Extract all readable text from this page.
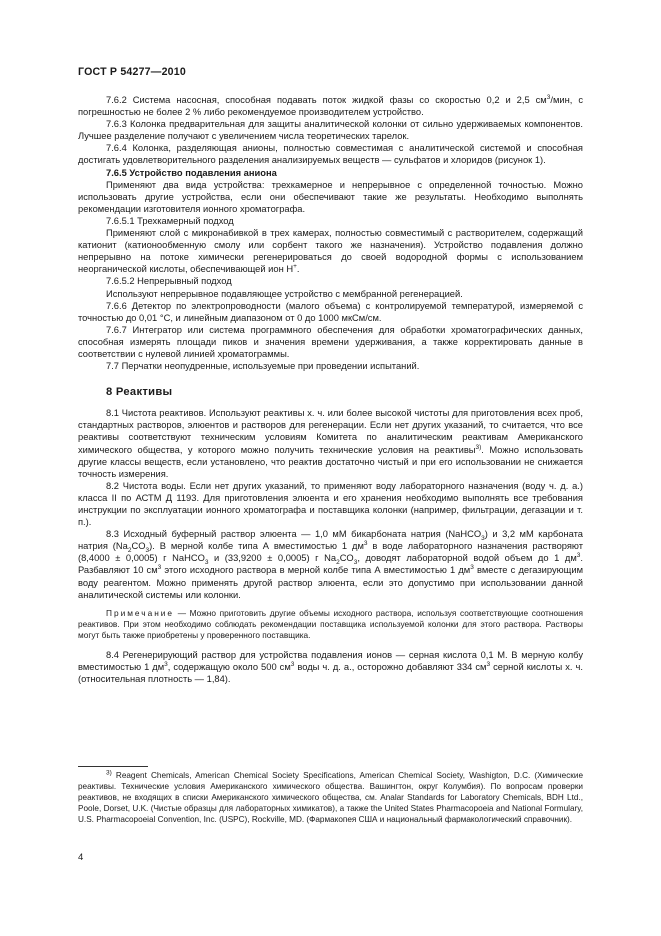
ГОСТ Р 54277—2010

7.6.2 Система насосная, способная подавать поток жидкой фазы со скоростью 0,2 и 2,5 $см^3$/мин, с погрешностью не более 2 % либо рекомендуемое производителем устройство.

7.6.3 Колонка предварительная для защиты аналитической колонки от сильно удерживаемых компонентов. Лучшее разделение получают с увеличением числа теоретических тарелок.

7.6.4 Колонка, разделяющая анионы, полностью совместимая с аналитической системой и способная достигать удовлетворительного разделения анализируемых веществ — сульфатов и хлоридов (рисунок 1).

7.6.5 Устройство подавления аниона

Применяют два вида устройства: трехкамерное и непрерывное с определенной точностью. Можно использовать другие устройства, если они обеспечивают такие же результаты. Необходимо выполнять рекомендации изготовителя ионного хроматографа.

7.6.5.1 Трехкамерный подход

Применяют слой с микронабивкой в трех камерах, полностью совместимый с растворителем, содержащий катионит (катионообменную смолу или сорбент такого же назначения). Устройство подавления должно непрерывно на потоке химически регенерироваться до своей водородной формы с использованием неорганической кислоты, обеспечивающей ион Н+.

7.6.5.2 Непрерывный подход

Используют непрерывное подавляющее устройство с мембранной регенерацией.

7.6.6 Детектор по электропроводности (малого объема) с контролируемой температурой, измеряемой с точностью до 0,01 °С, и линейным диапазоном от 0 до 1000 мкСм/см.

7.6.7 Интегратор или система программного обеспечения для обработки хроматографических данных, способная измерять площади пиков и значения времени удерживания, а также корректировать данные в соответствии с нулевой линией хроматограммы.

7.7 Перчатки неопудренные, используемые при проведении испытаний.

8 Реактивы

8.1 Чистота реактивов. Используют реактивы х. ч. или более высокой чистоты для приготовления всех проб, стандартных растворов, элюентов и растворов для регенерации. Если нет других указаний, то считается, что все реактивы соответствуют техническим условиям Комитета по аналитическим реактивам Американского химического общества, у которого можно получить технические условия на реактивы$^{3)}$. Можно использовать другие классы веществ, если установлено, что реактив достаточно чистый и при его использовании не снижается точность измерения.

8.2 Чистота воды. Если нет других указаний, то применяют воду лабораторного назначения (воду ч. д. а.) класса II по АСТМ Д 1193. Для приготовления элюента и его хранения необходимо выполнять все требования инструкции по эксплуатации ионного хроматографа и поставщика колонки (например, фильтрации, дегазации и т. п.).

8.3 Исходный буферный раствор элюента — 1,0 мМ бикарбоната натрия (NaHCO$_3$) и 3,2 мМ карбоната натрия $(Na_2CO_3)$. В мерной колбе типа А вместимостью 1 $дм^3$ в воде лабораторного назначения растворяют (8,4000 ± 0,0005) г NaHCO$_3$ и (33,9200 ± 0,0005) г $Na_2CO_3$, доводят лабораторной водой объем до 1 $дм^3$. Разбавляют 10 $см^3$ этого исходного раствора в мерной колбе типа А вместимостью 1 $дм^3$ вместе с дегазирующим воду реагентом. Можно применять другой раствор элюента, если это допустимо при использовании данной аналитической системы или колонки.

Примечание — Можно приготовить другие объемы исходного раствора, используя соответствующие соотношения реактивов. При этом необходимо соблюдать рекомендации поставщика используемой колонки для этого раствора. Растворы могут быть также приобретены у проверенного поставщика.

8.4 Регенерирующий раствор для устройства подавления ионов — серная кислота 0,1 М. В мерную колбу вместимостью 1 $дм^3$, содержащую около 500 $см^3$ воды ч. д. а., осторожно добавляют 334 $см^3$ серной кислоты х. ч. (относительная плотность — 1,84).

$^{3)}$ Reagent Chemicals, American Chemical Society Specifications, American Chemical Society, Washigton, D.C. (Химические реактивы. Технические условия Американского химического общества. Вашингтон, округ Колумбия). По вопросам проверки реактивов, не входящих в списки Американского химического общества, см. Analar Standards for Laboratory Chemicals, BDH Ltd., Poole, Dorset, U.K. (Чистые образцы для лабораторных химикатов), а также the United States Pharmacopoeia and National Formulary, U.S. Pharmacopoeial Convention, Inc. (USPC), Rockville, MD. (Фармакопея США и национальный фармакологический справочник).

4
